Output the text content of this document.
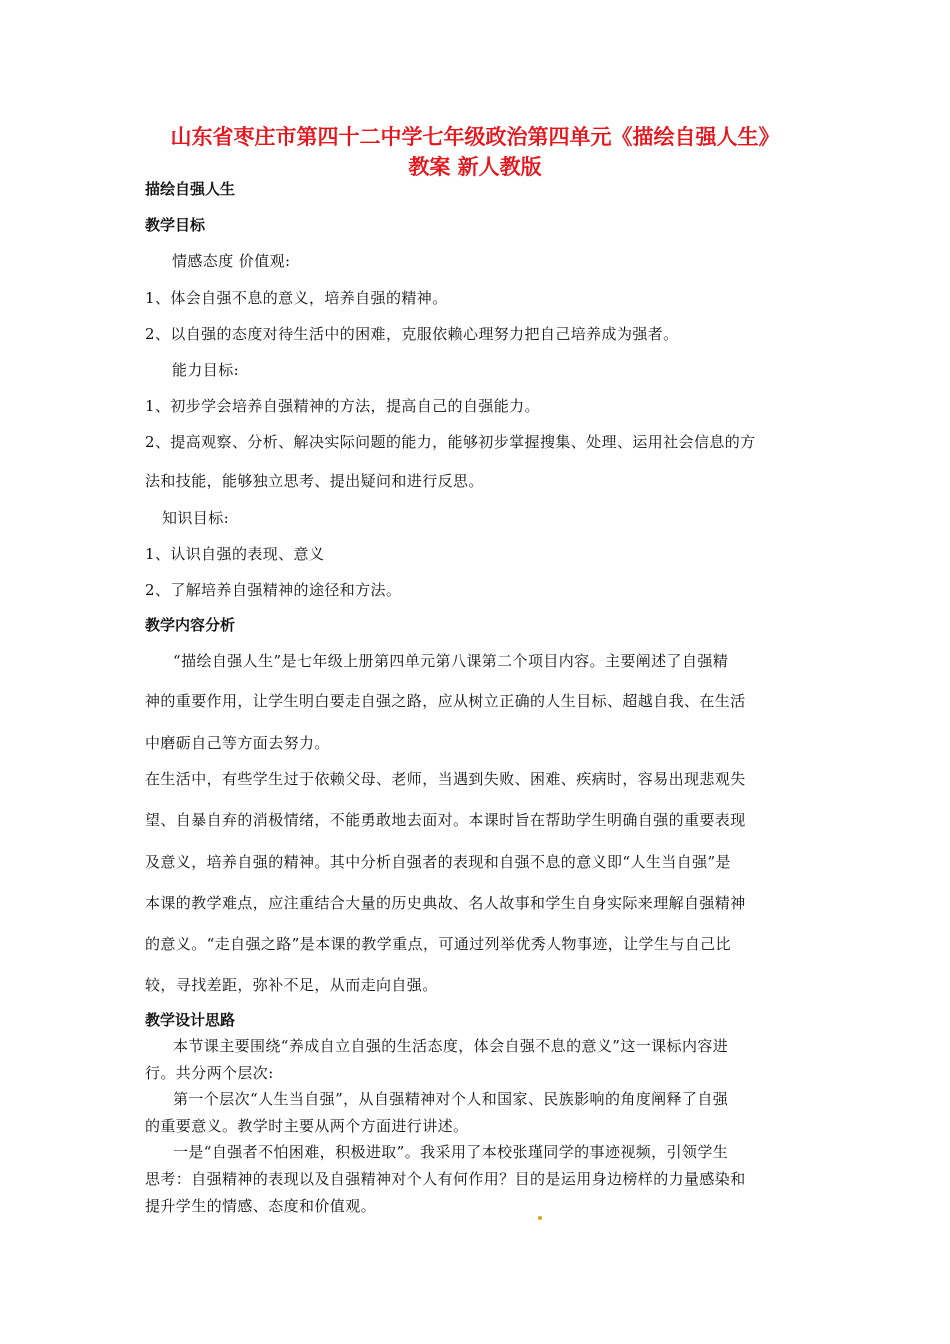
山东省枣庄市第四十二中学七年级政治第四单元《描绘自强人生》
教案 新人教版
描绘自强人生
教学目标
情感态度 价值观:
1、体会自强不息的意义，培养自强的精神。
2、以自强的态度对待生活中的困难，克服依赖心理努力把自己培养成为强者。
能力目标:
1、初步学会培养自强精神的方法，提高自己的自强能力。
2、提高观察、分析、解决实际问题的能力，能够初步掌握搜集、处理、运用社会信息的方
法和技能，能够独立思考、提出疑问和进行反思。
知识目标:
1、认识自强的表现、意义
2、了解培养自强精神的途径和方法。
教学内容分析
“描绘自强人生”是七年级上册第四单元第八课第二个项目内容。主要阐述了自强精
神的重要作用，让学生明白要走自强之路，应从树立正确的人生目标、超越自我、在生活
中磨砺自己等方面去努力。
在生活中，有些学生过于依赖父母、老师，当遇到失败、困难、疾病时，容易出现悲观失
望、自暴自弃的消极情绪，不能勇敢地去面对。本课时旨在帮助学生明确自强的重要表现
及意义，培养自强的精神。其中分析自强者的表现和自强不息的意义即“人生当自强”是
本课的教学难点，应注重结合大量的历史典故、名人故事和学生自身实际来理解自强精神
的意义。“走自强之路”是本课的教学重点，可通过列举优秀人物事迹，让学生与自己比
较，寻找差距，弥补不足，从而走向自强。
教学设计思路
本节课主要围绕“养成自立自强的生活态度，体会自强不息的意义”这一课标内容进
行。共分两个层次:
第一个层次“人生当自强”，从自强精神对个人和国家、民族影响的角度阐释了自强
的重要意义。教学时主要从两个方面进行讲述。
一是“自强者不怕困难，积极进取”。我采用了本校张瑾同学的事迹视频，引领学生
思考：自强精神的表现以及自强精神对个人有何作用？目的是运用身边榜样的力量感染和
提升学生的情感、态度和价值观。
